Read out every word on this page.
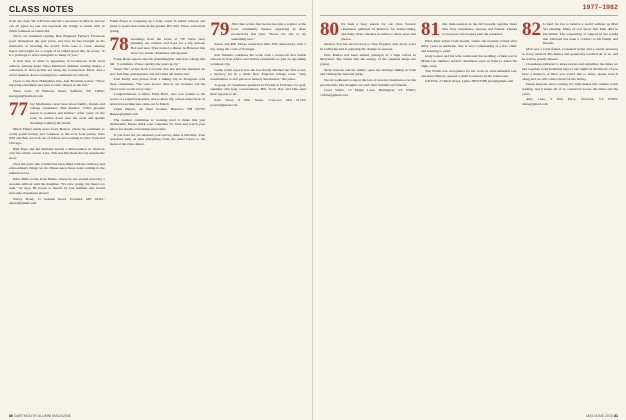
CLASS NOTES

from our class. We will have elected a successor in March, and we can all agree no one can represent the bridge so much with as much fondness as Glenn did.

We've all benefited reading Ben Hoghead Ferber's Facebook posts throughout the past years, and how he has brought us his memories of traveling the world: from coast to coast, sharing hopes and laughs. As a couple of us talked about this, he wrote, "It is a privilege to serve alongside so many of you."

A new line of titles is appearing in bookstores from local authors. Among these: Dave Harmon's summer reading lineup, a collection of short fiction set along the Connecticut River, and a travel memoir about crossing four continents by bicycle.

Close to the New Hampshire line, Ann Bowman writes: "We're enjoying retirement and plan to visit campus in the fall."

Steve Gail, 19 Harbour Street, Suffield, NY 14092; stevegail@hotmail.com

77 Jay MacKenna cared most about family, friends and college classmates. Bob Kessler: "Life's greatest lesson is patience and humor." After years on the road, he settled down near the coast and spends mornings walking the beach.

Mitch Fisher sends news from Boston, where he continues to coach youth hockey and volunteer at the local food pantry. Sons Will and Ben are both out of school and working in New York and Chicago.

Kim Pope and her husband hosted a mini-reunion in Vermont over the winter; Gwen, Lars, Tim and Jim made the trip despite the snow.

Over the years this column has been filled with the ordinary and extraordinary things we do. Please keep those notes coming to the address below.

Peter Mills writes from Maine, where he has started restoring a wooden sailboat with his daughter. "It's slow going, but there's no rush," he says. He hopes to launch by late summer and would welcome classmates aboard.

Nancy Bond, 11 Seaside Road, Portland, ME 04101; nbond@gmail.com

Frank Boyer is wrapping up a long career in public schools and plans to spend more time in the garden. His wife, Ellen, retired last spring.

78 Greetings from the Class of '78! We're busy planning our reunion and hope for a big turnout. Bob and Ann Tyler hosted a dinner in Hanover that drew two dozen classmates and spouses.

Frank Bates reports that his granddaughter will start college this fall, "a reminder of how quickly the years go by."

Susan Hart writes from Colorado that she and her husband are now full-time grandparents and part-time ski instructors.

Tom Reilly sent photos from a hiking trip in Patagonia with three classmates. "We were slower than in our twenties, but the views were worth every step."

Congratulations to Mary Ellen Hunt, who was named to the board of a regional hospital, and to Dave Ng, whose latest book on American architecture came out in March.

Linda Harper, 42 West Avenue, Hanover, NH 03755; lharper@gmail.com

The reunion committee is working hard to make this year memorable. Please mark your calendars for June and watch your inbox for details on housing and events.

If you have not yet returned your survey, there is still time. Your responses help us plan everything from the panel topics to the menu at the class dinner.

79 Jim Chen writes that he has become a regular at the local community theater, appearing in three productions this year. "Never too late to try something new."

Karen and Phil Morse celebrated their 35th anniversary with a trip along the coast of Portugal.

Rob Daniels continues his work with a nonprofit that builds schools in East Africa and invites classmates to join an upcoming volunteer trip.

Leslie Grant reports that she has finally finished her first novel, a mystery set in a small New England college town. "Any resemblance to real places is entirely intentional," she jokes.

A group of classmates gathered in Florida in February for golf, sunshine and long conversations. Bill, Scott, Ray and Dan send their regards to all.

Paul Ward, 8 Elm Street, Concord, MA 01742; pward@gmail.com

80 DARTMOUTH ALUMNI MAGAZINE
1977–1982
80 It's been a busy season for our class. Several classmates gathered in Hanover for homecoming, and many more checked in online to share news and photos.

Andrew Fox has moved back to New England after many years in California and is enjoying the change of seasons.

Julie Ramos has been named principal of a high school in Maryland. She writes that the energy of the students keeps her young.

Mark Stevens and his family spent the holidays hiking in Utah and visiting the national parks.

We are saddened to report the loss of several classmates over the past months. Our thoughts are with their families and friends.

Carol White, 15 Maple Lane, Burlington, VT 05401; cwhite@gmail.com

81 Our mini-reunion in the fall brought together more than forty classmates, spouses and friends. Thanks to everyone who helped plan the weekend.

Ellen Park writes from Seattle, where she recently retired after thirty years in medicine. She is now volunteering at a free clinic and learning to paint.

Greg Larson and his wife celebrated the wedding of their son in Maine last summer; several classmates were on hand to dance the night away.

Tim Walsh was recognized for his work in environmental law, and Anne Murray opened a small bookstore in her hometown.

Jeff Holt, 27 River Road, Lyme, NH 03768; jholt@gmail.com

82 Is hard for me to believe a world without us Matt Ver running. Many of you know that Matt died in December. The outpouring of support in the weeks that followed has been a comfort to his family and friends.

Matt was a loyal friend, a talented writer and a steady presence at every reunion. His humor and generosity touched all of us, and he will be greatly missed.

Classmates gathered to share stories and remember the times we had together, from freshman trips to late nights in the library. If you have a memory of Matt you would like to share, please send it along and we will collect them for his family.

Please keep the news coming. It's what makes this column worth reading, and it keeps all of us connected across the miles and the years.

Amy Lane, 5 Park Place, Norwich, VT 05055; alane@gmail.com

MAY/JUNE 2016 81
